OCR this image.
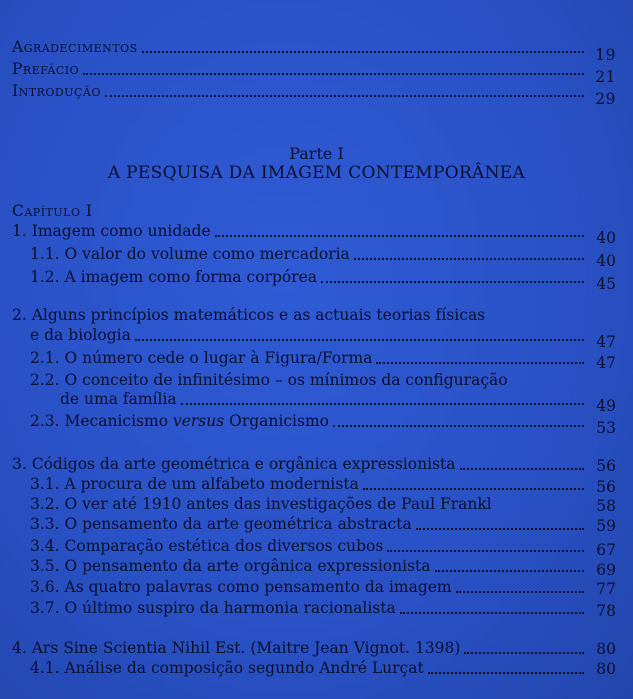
Agradecimentos	19
Prefácio	21
Introdução	29
Parte I
A PESQUISA DA IMAGEM CONTEMPORÂNEA
Capítulo I
1. Imagem como unidade	40
1.1. O valor do volume como mercadoria	40
1.2. A imagem como forma corpórea	45
2. Alguns princípios matemáticos e as actuais teorias físicas
e da biologia	47
2.1. O número cede o lugar à Figura/Forma	47
2.2. O conceito de infinitésimo – os mínimos da configuração
de uma família	49
2.3. Mecanicismo versus Organicismo	53
3. Códigos da arte geométrica e orgânica expressionista	56
3.1. A procura de um alfabeto modernista	56
3.2. O ver até 1910 antes das investigações de Paul Frankl	58
3.3. O pensamento da arte geométrica abstracta	59
3.4. Comparação estética dos diversos cubos	67
3.5. O pensamento da arte orgânica expressionista	69
3.6. As quatro palavras como pensamento da imagem	77
3.7. O último suspiro da harmonia racionalista	78
4. Ars Sine Scientia Nihil Est. (Maitre Jean Vignot. 1398)	80
4.1. Análise da composição segundo André Lurçat	80
